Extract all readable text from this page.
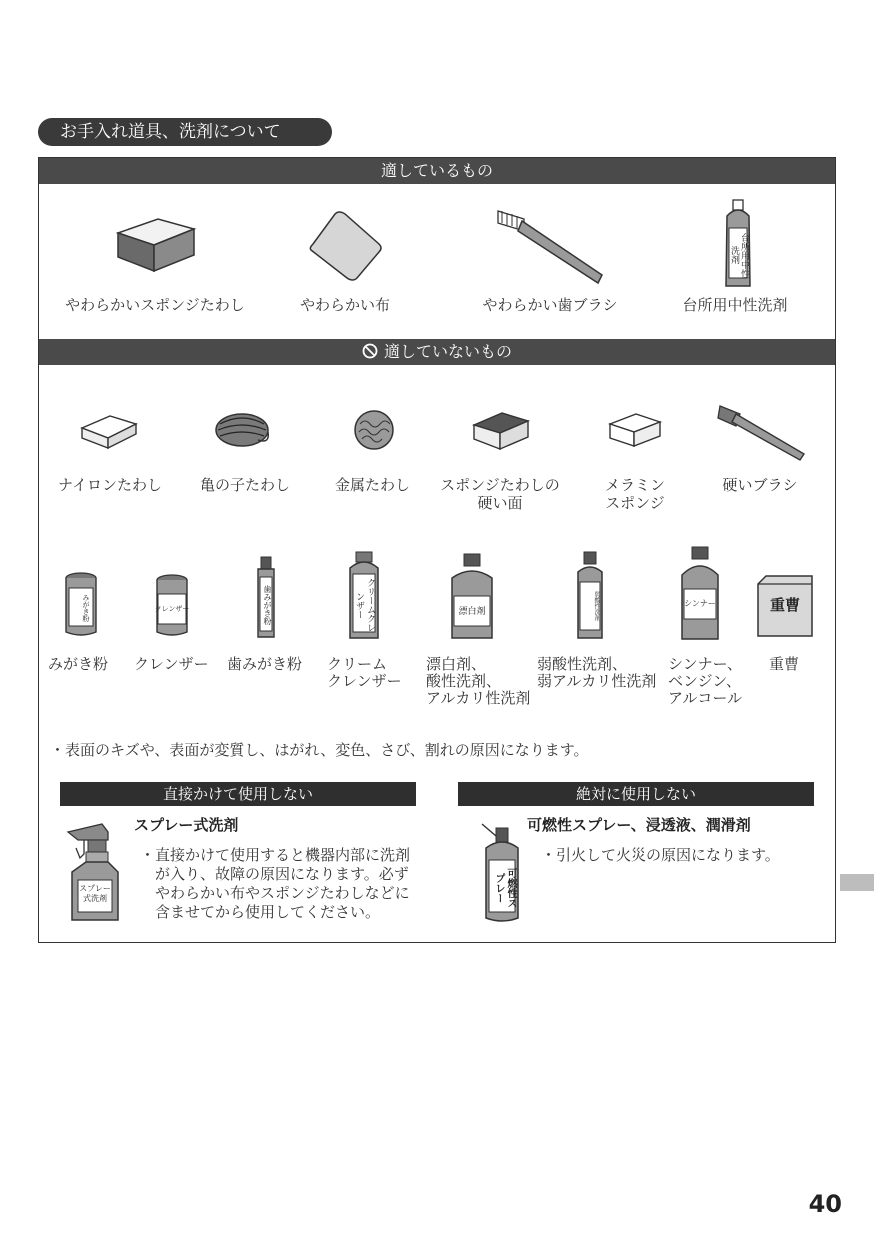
お手入れ道具、洗剤について
適しているもの
台所用中性洗剤
やわらかいスポンジたわし	やわらかい布	やわらかい歯ブラシ	台所用中性洗剤
適していないもの
ナイロンたわし	亀の子たわし	金属たわし	スポンジたわしの
硬い面
メラミン
スポンジ
硬いブラシ
みがき粉	クレンザー	歯みがき粉	クリームクレンザー	漂白剤	弱酸性洗剤	シンナー	重曹
みがき粉 クレンザー 歯みがき粉 クリーム
クレンザー
漂白剤、
酸性洗剤、
アルカリ性洗剤
弱酸性洗剤、
弱アルカリ性洗剤
シンナー、
ベンジン、
アルコール
重曹
・表面のキズや、表面が変質し、はがれ、変色、さび、割れの原因になります。
直接かけて使用しない
スプレー式洗剤
スプレー式洗剤
・直接かけて使用すると機器内部に洗剤
が入り、故障の原因になります。必ず
やわらかい布やスポンジたわしなどに
含ませてから使用してください。
絶対に使用しない
可燃性スプレー、浸透液、潤滑剤
可燃性スプレー
・引火して火災の原因になります。
40
